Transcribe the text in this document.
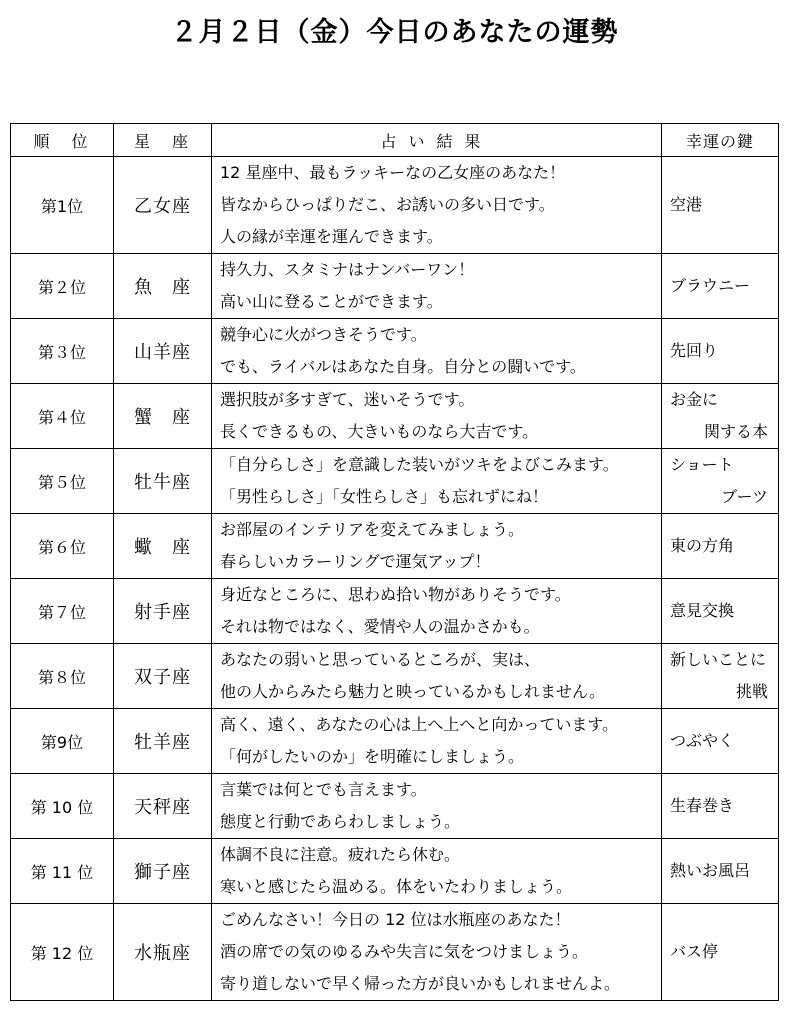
２月２日（金）今日のあなたの運勢
順　位	星　座	占い結果	幸運の鍵
第1位	乙女座	12 星座中、最もラッキーなの乙女座のあなた！
皆なからひっぱりだこ、お誘いの多い日です。
人の縁が幸運を運んできます。	空港

第２位	魚　座	持久力、スタミナはナンバーワン！
高い山に登ることができます。	ブラウニー

第３位	山羊座	競争心に火がつきそうです。
でも、ライバルはあなた自身。自分との闘いです。	先回り

第４位	蟹　座	選択肢が多すぎて、迷いそうです。
長くできるもの、大きいものなら大吉です。	お金に
関する本

第５位	牡牛座	「自分らしさ」を意識した装いがツキをよびこみます。
「男性らしさ」「女性らしさ」も忘れずにね！	ショート
ブーツ

第６位	蠍　座	お部屋のインテリアを変えてみましょう。
春らしいカラーリングで運気アップ！	東の方角

第７位	射手座	身近なところに、思わぬ拾い物がありそうです。
それは物ではなく、愛情や人の温かさかも。	意見交換

第８位	双子座	あなたの弱いと思っているところが、実は、
他の人からみたら魅力と映っているかもしれません。	新しいことに
挑戦

第9位	牡羊座	高く、遠く、あなたの心は上へ上へと向かっています。
「何がしたいのか」を明確にしましょう。	つぶやく

第 10 位	天秤座	言葉では何とでも言えます。
態度と行動であらわしましょう。	生春巻き

第 11 位	獅子座	体調不良に注意。疲れたら休む。
寒いと感じたら温める。体をいたわりましょう。	熱いお風呂

第 12 位	水瓶座	ごめんなさい！今日の 12 位は水瓶座のあなた！
酒の席での気のゆるみや失言に気をつけましょう。
寄り道しないで早く帰った方が良いかもしれませんよ。	バス停
